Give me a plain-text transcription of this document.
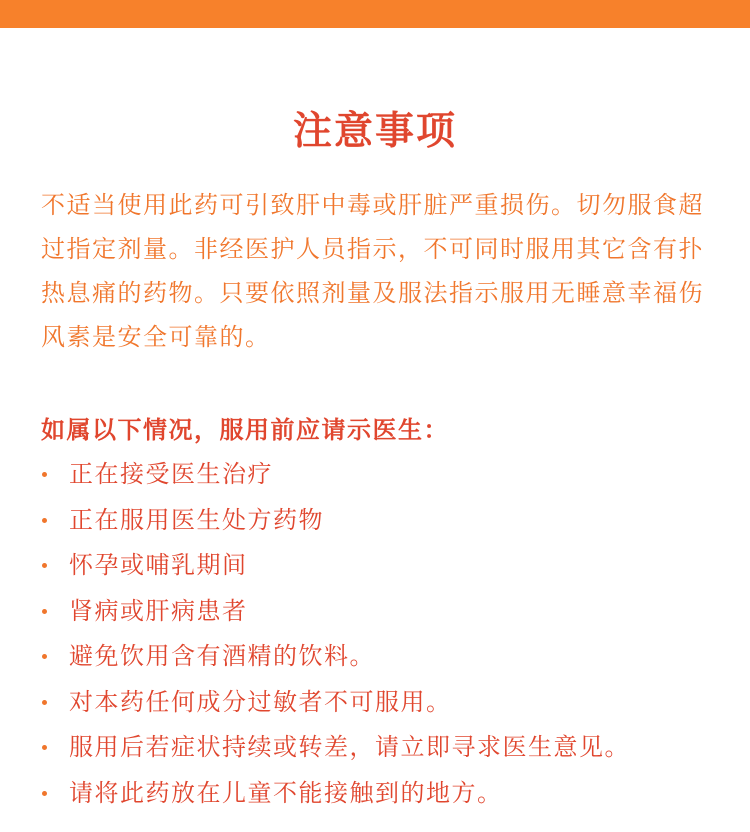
注意事项

不适当使用此药可引致肝中毒或肝脏严重损伤。切勿服食超过指定剂量。非经医护人员指示，不可同时服用其它含有扑热息痛的药物。只要依照剂量及服法指示服用无睡意幸福伤风素是安全可靠的。

如属以下情况，服用前应请示医生：
正在接受医生治疗
正在服用医生处方药物
怀孕或哺乳期间
肾病或肝病患者
避免饮用含有酒精的饮料。
对本药任何成分过敏者不可服用。
服用后若症状持续或转差，请立即寻求医生意见。
请将此药放在儿童不能接触到的地方。
